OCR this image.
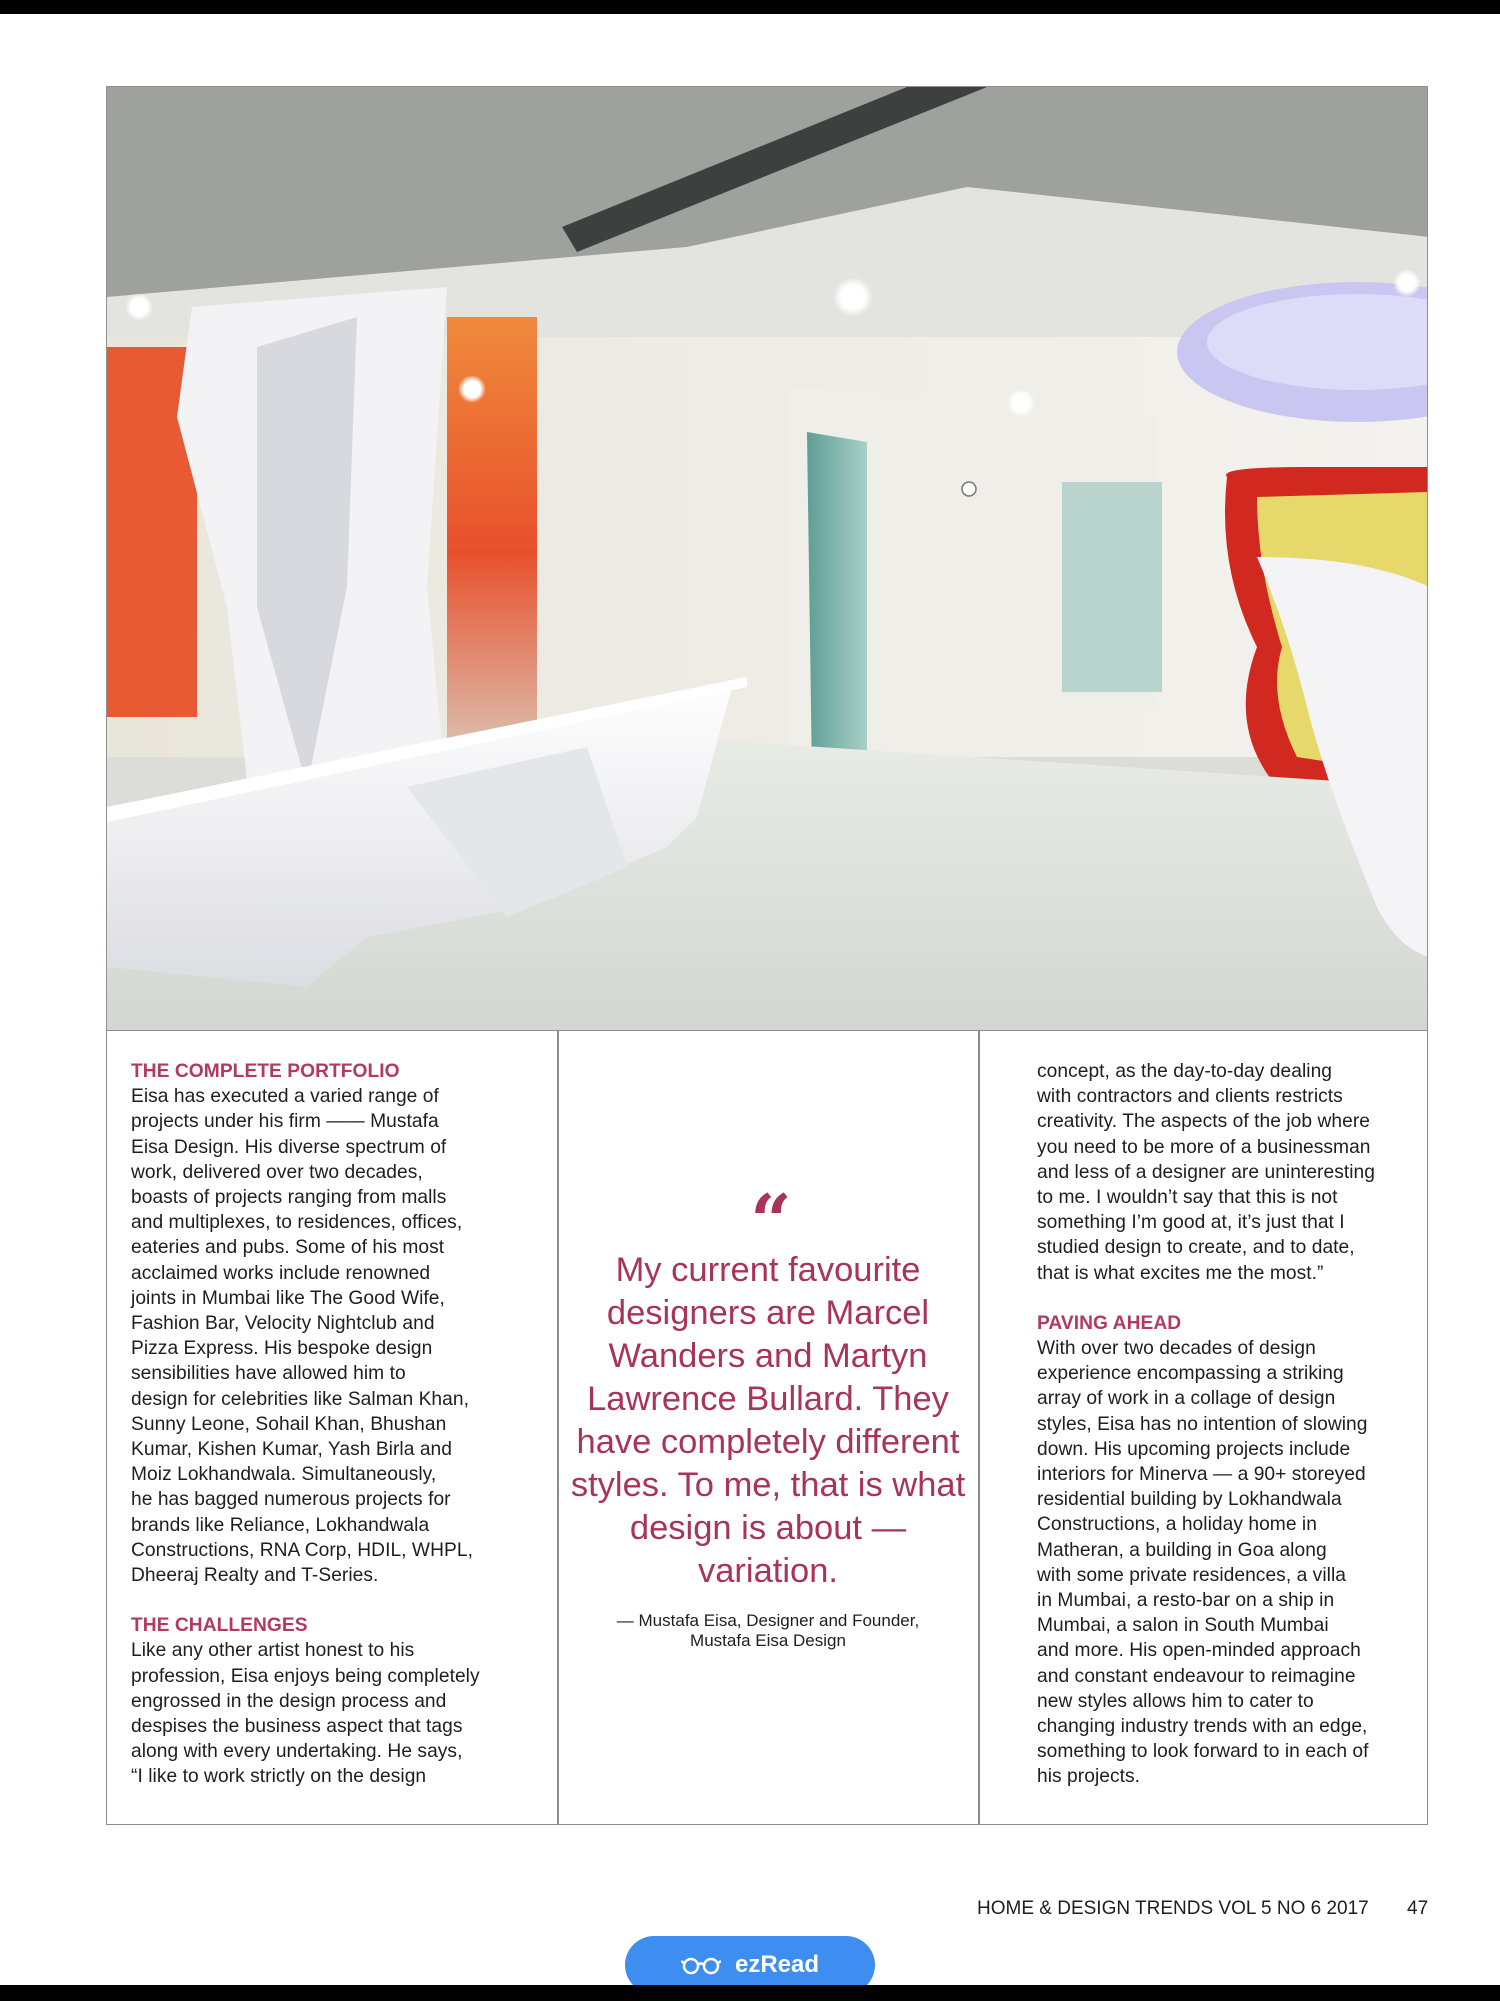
THE COMPLETE PORTFOLIO

Eisa has executed a varied range of
projects under his firm —— Mustafa
Eisa Design. His diverse spectrum of
work, delivered over two decades,
boasts of projects ranging from malls
and multiplexes, to residences, offices,
eateries and pubs. Some of his most
acclaimed works include renowned
joints in Mumbai like The Good Wife,
Fashion Bar, Velocity Nightclub and
Pizza Express. His bespoke design
sensibilities have allowed him to
design for celebrities like Salman Khan,
Sunny Leone, Sohail Khan, Bhushan
Kumar, Kishen Kumar, Yash Birla and
Moiz Lokhandwala. Simultaneously,
he has bagged numerous projects for
brands like Reliance, Lokhandwala
Constructions, RNA Corp, HDIL, WHPL,
Dheeraj Realty and T-Series.

THE CHALLENGES

Like any other artist honest to his
profession, Eisa enjoys being completely
engrossed in the design process and
despises the business aspect that tags
along with every undertaking. He says,
“I like to work strictly on the design

“

My current favourite designers are Marcel Wanders and Martyn Lawrence Bullard. They have completely different styles. To me, that is what design is about — variation.

— Mustafa Eisa, Designer and Founder,
Mustafa Eisa Design

concept, as the day-to-day dealing
with contractors and clients restricts
creativity. The aspects of the job where
you need to be more of a businessman
and less of a designer are uninteresting
to me. I wouldn’t say that this is not
something I’m good at, it’s just that I
studied design to create, and to date,
that is what excites me the most.”

PAVING AHEAD

With over two decades of design
experience encompassing a striking
array of work in a collage of design
styles, Eisa has no intention of slowing
down. His upcoming projects include
interiors for Minerva — a 90+ storeyed
residential building by Lokhandwala
Constructions, a holiday home in
Matheran, a building in Goa along
with some private residences, a villa
in Mumbai, a resto-bar on a ship in
Mumbai, a salon in South Mumbai
and more. His open-minded approach
and constant endeavour to reimagine
new styles allows him to cater to
changing industry trends with an edge,
something to look forward to in each of
his projects.

HOME & DESIGN TRENDS VOL 5 NO 6 2017 47
ezRead
